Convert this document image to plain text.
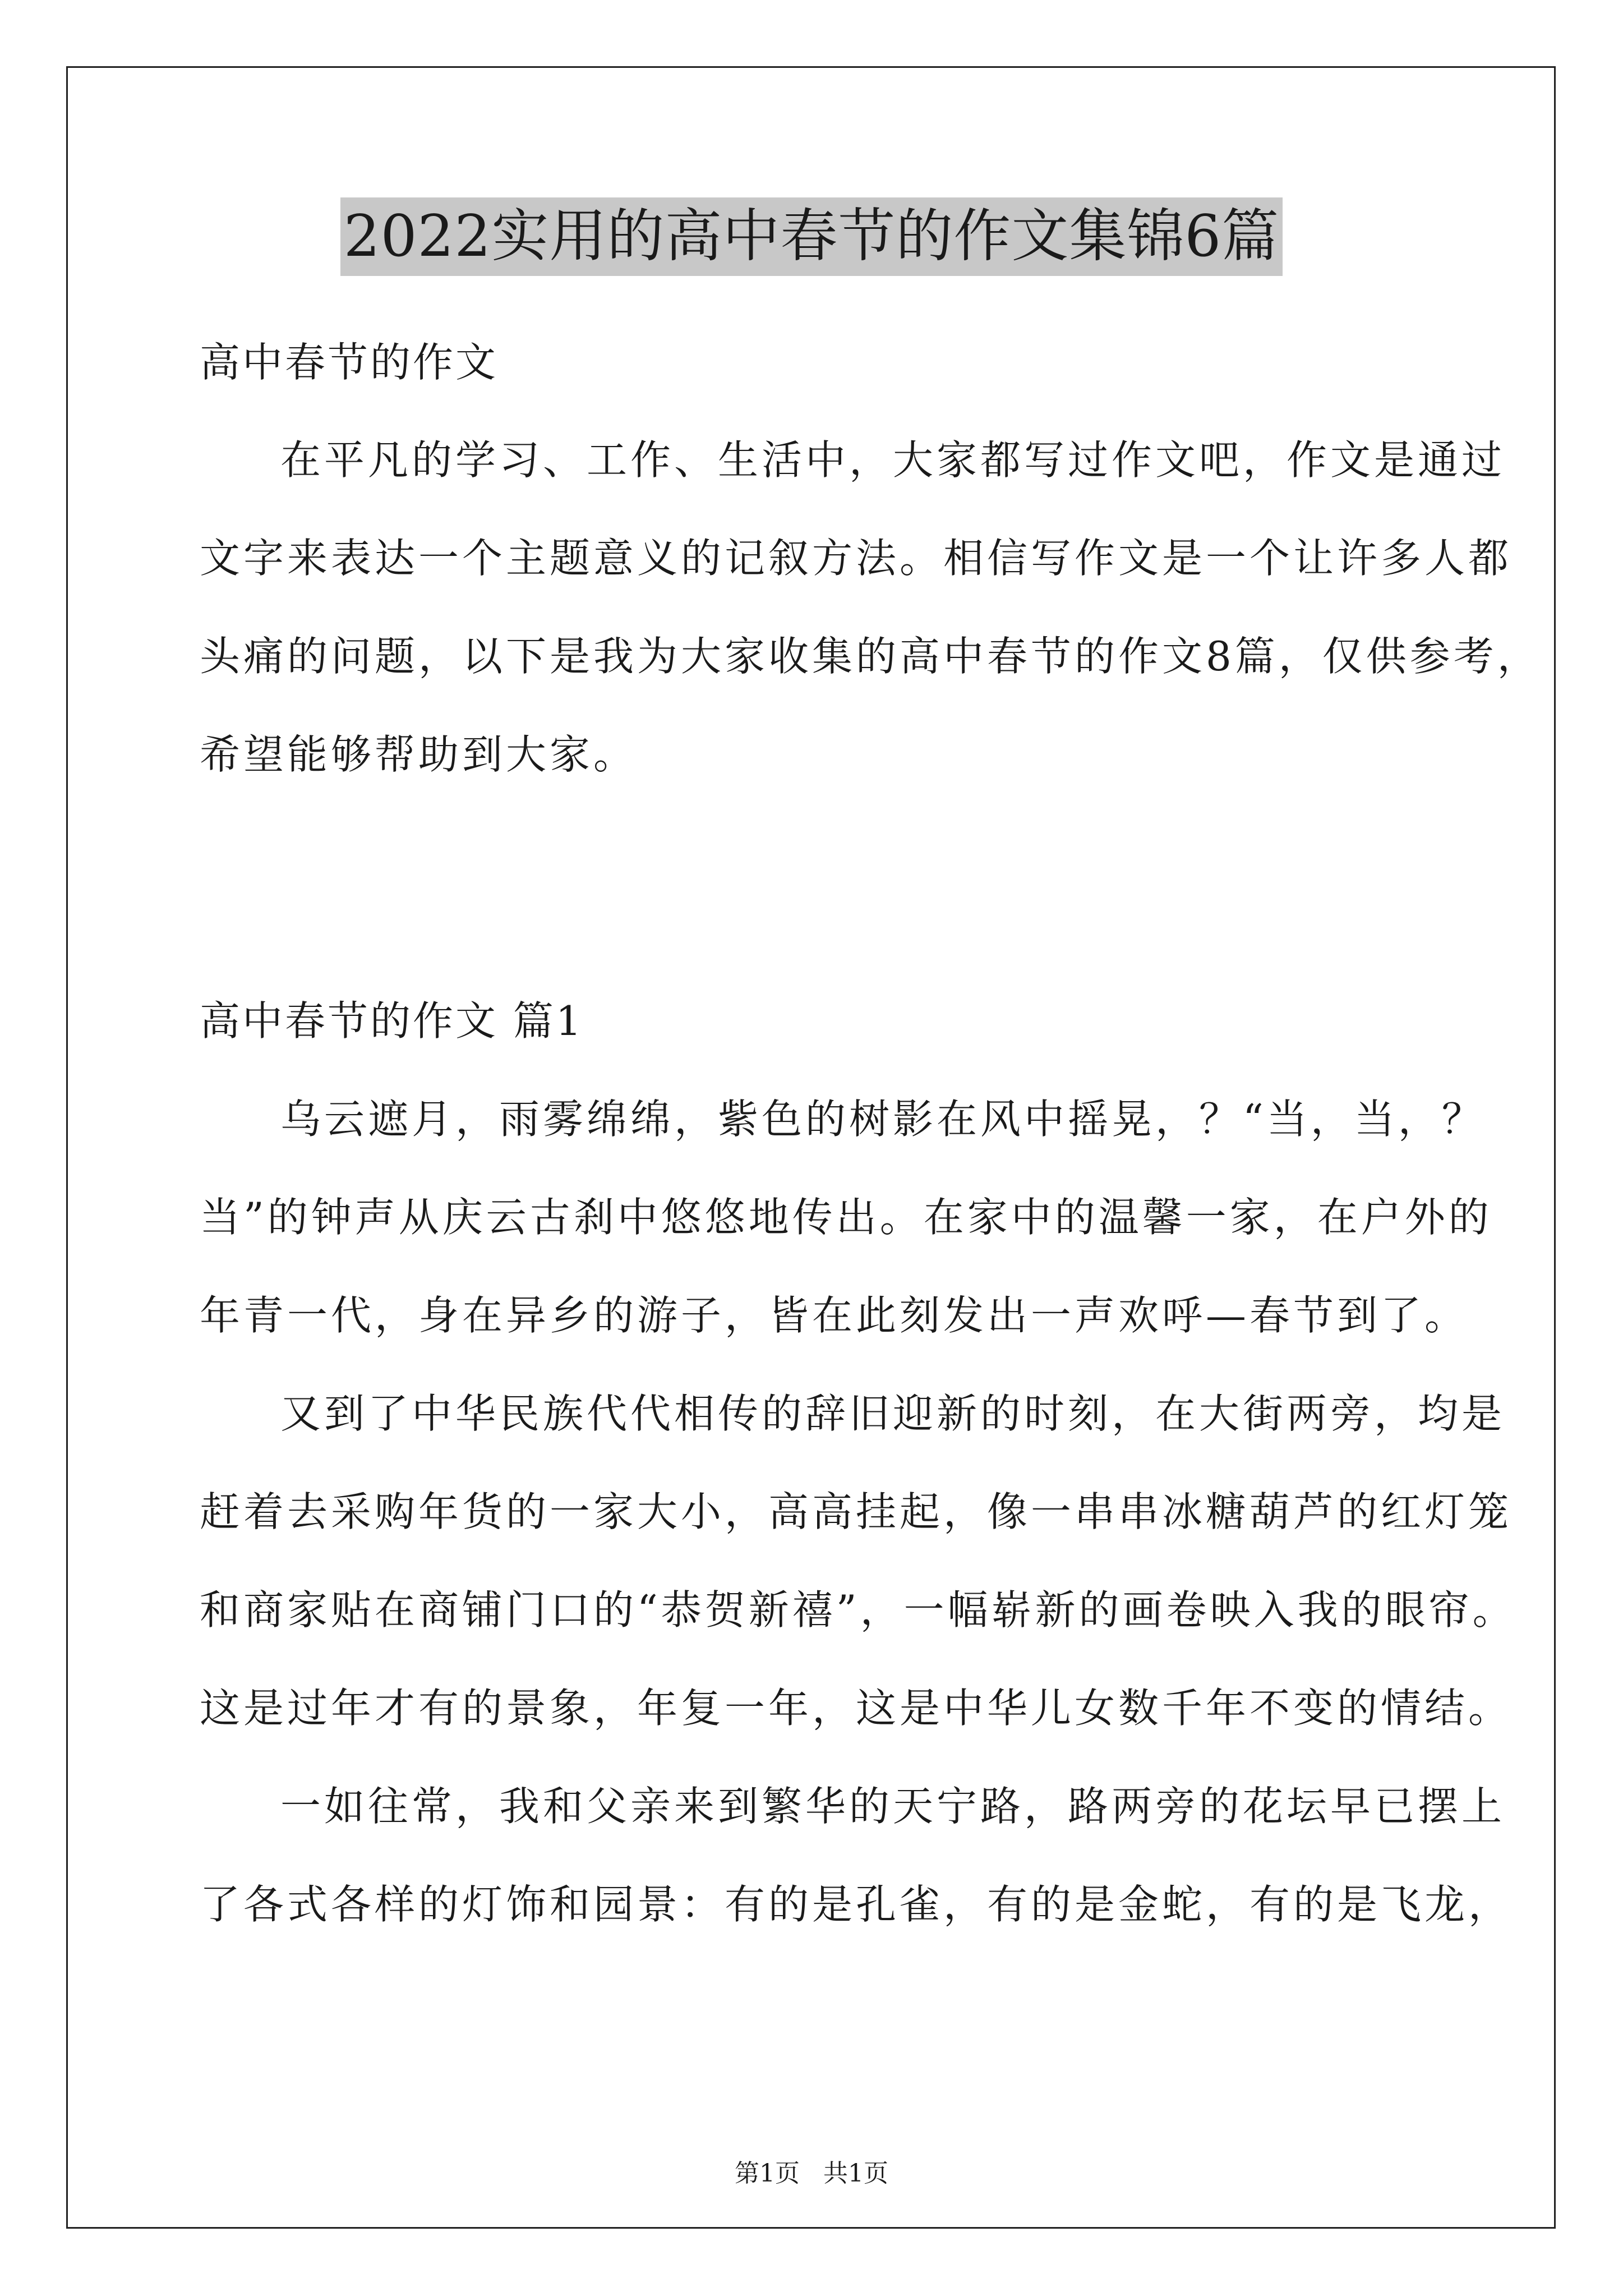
2022实用的高中春节的作文集锦6篇

高中春节的作文

在平凡的学习、工作、生活中，大家都写过作文吧，作文是通过

文字来表达一个主题意义的记叙方法。相信写作文是一个让许多人都

头痛的问题，以下是我为大家收集的高中春节的作文8篇，仅供参考，

希望能够帮助到大家。

高中春节的作文 篇1

乌云遮月，雨雾绵绵，紫色的树影在风中摇晃，？“当，当，？

当”的钟声从庆云古刹中悠悠地传出。在家中的温馨一家，在户外的

年青一代，身在异乡的游子，皆在此刻发出一声欢呼—春节到了。

又到了中华民族代代相传的辞旧迎新的时刻，在大街两旁，均是

赶着去采购年货的一家大小，高高挂起，像一串串冰糖葫芦的红灯笼

和商家贴在商铺门口的“恭贺新禧”，一幅崭新的画卷映入我的眼帘。

这是过年才有的景象，年复一年，这是中华儿女数千年不变的情结。

一如往常，我和父亲来到繁华的天宁路，路两旁的花坛早已摆上

了各式各样的灯饰和园景：有的是孔雀，有的是金蛇，有的是飞龙，

第1页   共1页
